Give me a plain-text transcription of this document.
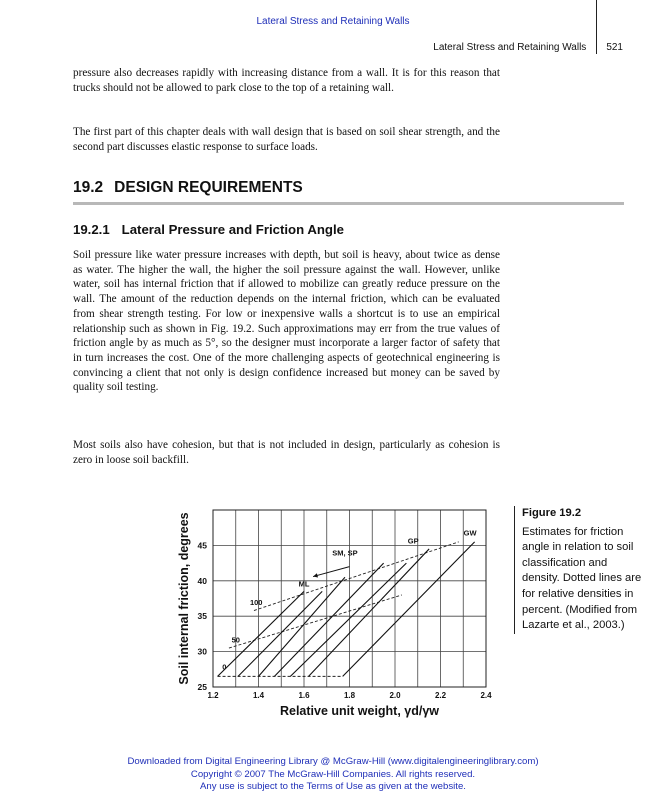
Lateral Stress and Retaining Walls
Lateral Stress and Retaining Walls 521
pressure also decreases rapidly with increasing distance from a wall. It is for this reason that trucks should not be allowed to park close to the top of a retaining wall.
The first part of this chapter deals with wall design that is based on soil shear strength, and the second part discusses elastic response to surface loads.
19.2 DESIGN REQUIREMENTS
19.2.1 Lateral Pressure and Friction Angle
Soil pressure like water pressure increases with depth, but soil is heavy, about twice as dense as water. The higher the wall, the higher the soil pressure against the wall. However, unlike water, soil has internal friction that if allowed to mobilize can greatly reduce pressure on the wall. The amount of the reduction depends on the internal friction, which can be evaluated from shear strength testing. For low or inexpensive walls a shortcut is to use an empirical relationship such as shown in Fig. 19.2. Such approximations may err from the true values of friction angle by as much as 5°, so the designer must incorporate a larger factor of safety that in turn increases the cost. One of the more challenging aspects of geotechnical engineering is convincing a client that not only is design confidence increased but money can be saved by quality soil testing.
Most soils also have cohesion, but that is not included in design, particularly as cohesion is zero in loose soil backfill.
0
50
100
ML
SM, SP
GP
GW
1.2	1.4	1.6	1.8	2.0	2.2	2.4
25
30
35
40
45
Relative unit weight, γd/γw
Soil internal friction, degrees	Figure 19.2
Estimates for friction angle in relation to soil classification and density. Dotted lines are for relative densities in percent. (Modified from Lazarte et al., 2003.)
Downloaded from Digital Engineering Library @ McGraw-Hill (www.digitalengineeringlibrary.com)
Copyright © 2007 The McGraw-Hill Companies. All rights reserved.
Any use is subject to the Terms of Use as given at the website.
